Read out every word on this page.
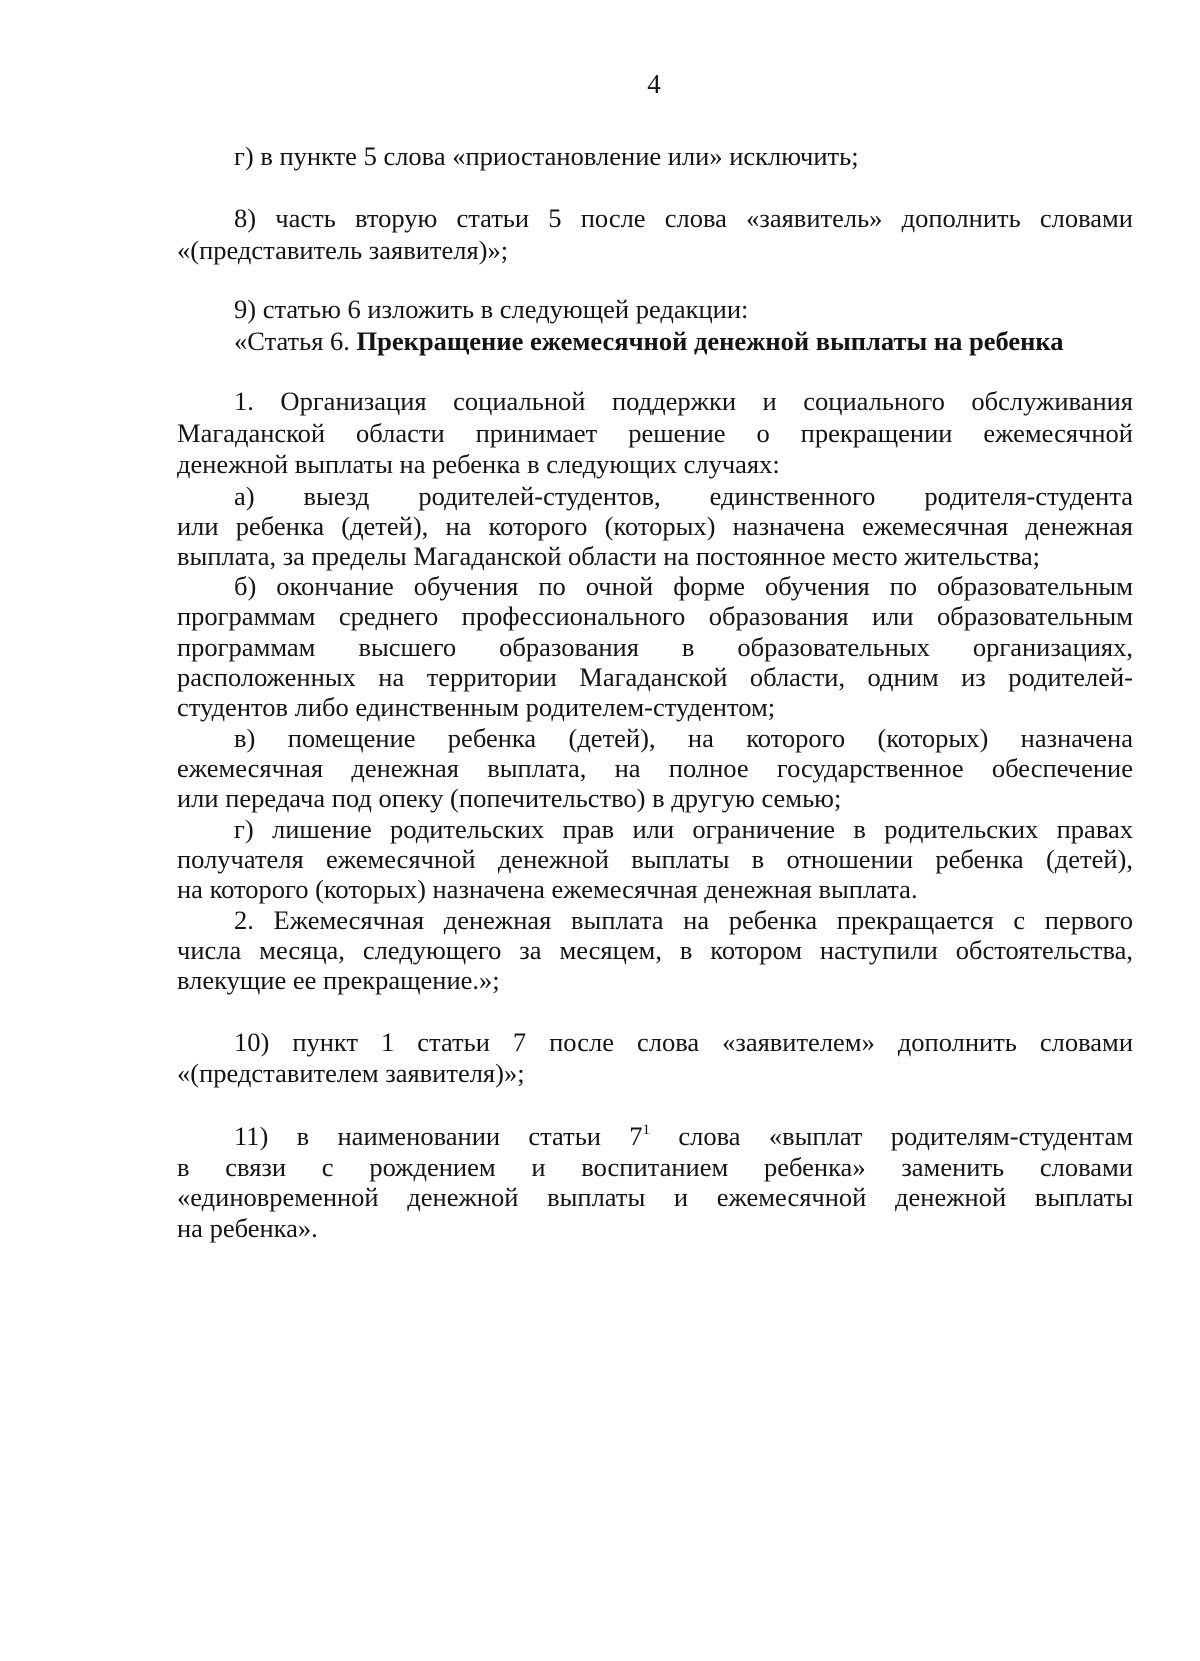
4
г) в пункте 5 слова «приостановление или» исключить;
8) часть вторую статьи 5 после слова «заявитель» дополнить словами
«(представитель заявителя)»;
9) статью 6 изложить в следующей редакции:
«Статья 6. Прекращение ежемесячной денежной выплаты на ребенка
1. Организация социальной поддержки и социального обслуживания
Магаданской области принимает решение о прекращении ежемесячной
денежной выплаты на ребенка в следующих случаях:
а) выезд родителей-студентов, единственного родителя-студента
или ребенка (детей), на которого (которых) назначена ежемесячная денежная
выплата, за пределы Магаданской области на постоянное место жительства;
б) окончание обучения по очной форме обучения по образовательным
программам среднего профессионального образования или образовательным
программам высшего образования в образовательных организациях,
расположенных на территории Магаданской области, одним из родителей-
студентов либо единственным родителем-студентом;
в) помещение ребенка (детей), на которого (которых) назначена
ежемесячная денежная выплата, на полное государственное обеспечение
или передача под опеку (попечительство) в другую семью;
г) лишение родительских прав или ограничение в родительских правах
получателя ежемесячной денежной выплаты в отношении ребенка (детей),
на которого (которых) назначена ежемесячная денежная выплата.
2. Ежемесячная денежная выплата на ребенка прекращается с первого
числа месяца, следующего за месяцем, в котором наступили обстоятельства,
влекущие ее прекращение.»;
10) пункт 1 статьи 7 после слова «заявителем» дополнить словами
«(представителем заявителя)»;
11) в наименовании статьи $7^1$ слова «выплат родителям-студентам
в связи с рождением и воспитанием ребенка» заменить словами
«единовременной денежной выплаты и ежемесячной денежной выплаты
на ребенка».
